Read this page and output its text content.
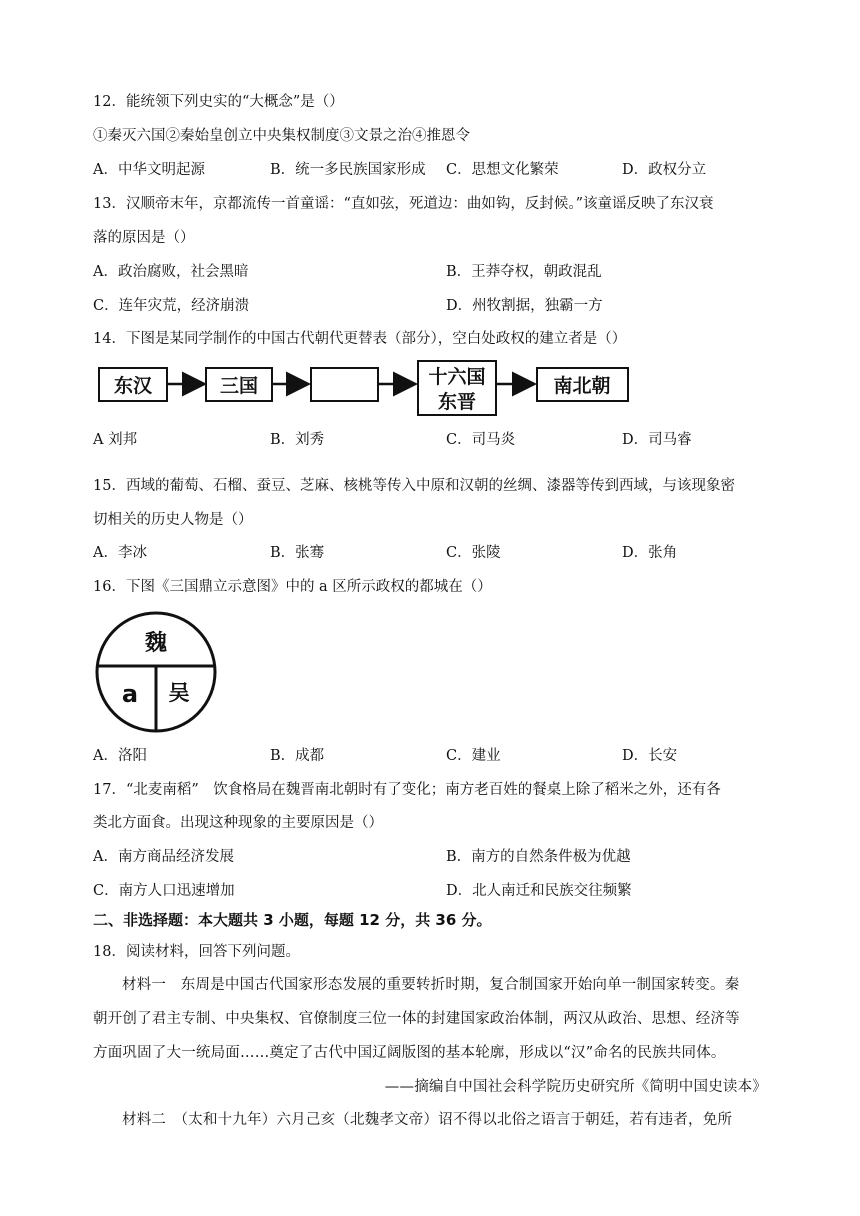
12．能统领下列史实的“大概念”是（）
①秦灭六国②秦始皇创立中央集权制度③文景之治④推恩令
A．中华文明起源	B．统一多民族国家形成 C．思想文化繁荣	D．政权分立
13．汉顺帝末年，京都流传一首童谣：“直如弦，死道边：曲如钩，反封候。”该童谣反映了东汉衰
落的原因是（）
A．政治腐败，社会黑暗	B．王莽夺权，朝政混乱
C．连年灾荒，经济崩溃	D．州牧割据，独霸一方
14．下图是某同学制作的中国古代朝代更替表（部分），空白处政权的建立者是（）
东汉	三国	十六国
东晋
南北朝
A 刘邦	B．刘秀	C．司马炎	D．司马睿
15．西域的葡萄、石榴、蚕豆、芝麻、核桃等传入中原和汉朝的丝绸、漆器等传到西域，与该现象密
切相关的历史人物是（）
A．李冰	B．张骞	C．张陵	D．张角
16．下图《三国鼎立示意图》中的 a 区所示政权的都城在（）
魏
a 吴
A．洛阳	B．成都	C．建业	D．长安
17．“北麦南稻”　饮食格局在魏晋南北朝时有了变化；南方老百姓的餐桌上除了稻米之外，还有各
类北方面食。出现这种现象的主要原因是（）
A．南方商品经济发展	B．南方的自然条件极为优越
C．南方人口迅速增加	D．北人南迁和民族交往频繁
二、非选择题：本大题共 3 小题，每题 12 分，共 36 分。
18．阅读材料，回答下列问题。
材料一　东周是中国古代国家形态发展的重要转折时期，复合制国家开始向单一制国家转变。秦
朝开创了君主专制、中央集权、官僚制度三位一体的封建国家政治体制，两汉从政治、思想、经济等
方面巩固了大一统局面……奠定了古代中国辽阔版图的基本轮廓，形成以“汉”命名的民族共同体。
——摘编自中国社会科学院历史研究所《简明中国史读本》
材料二　（太和十九年）六月己亥（北魏孝文帝）诏不得以北俗之语言于朝廷，若有违者，免所
